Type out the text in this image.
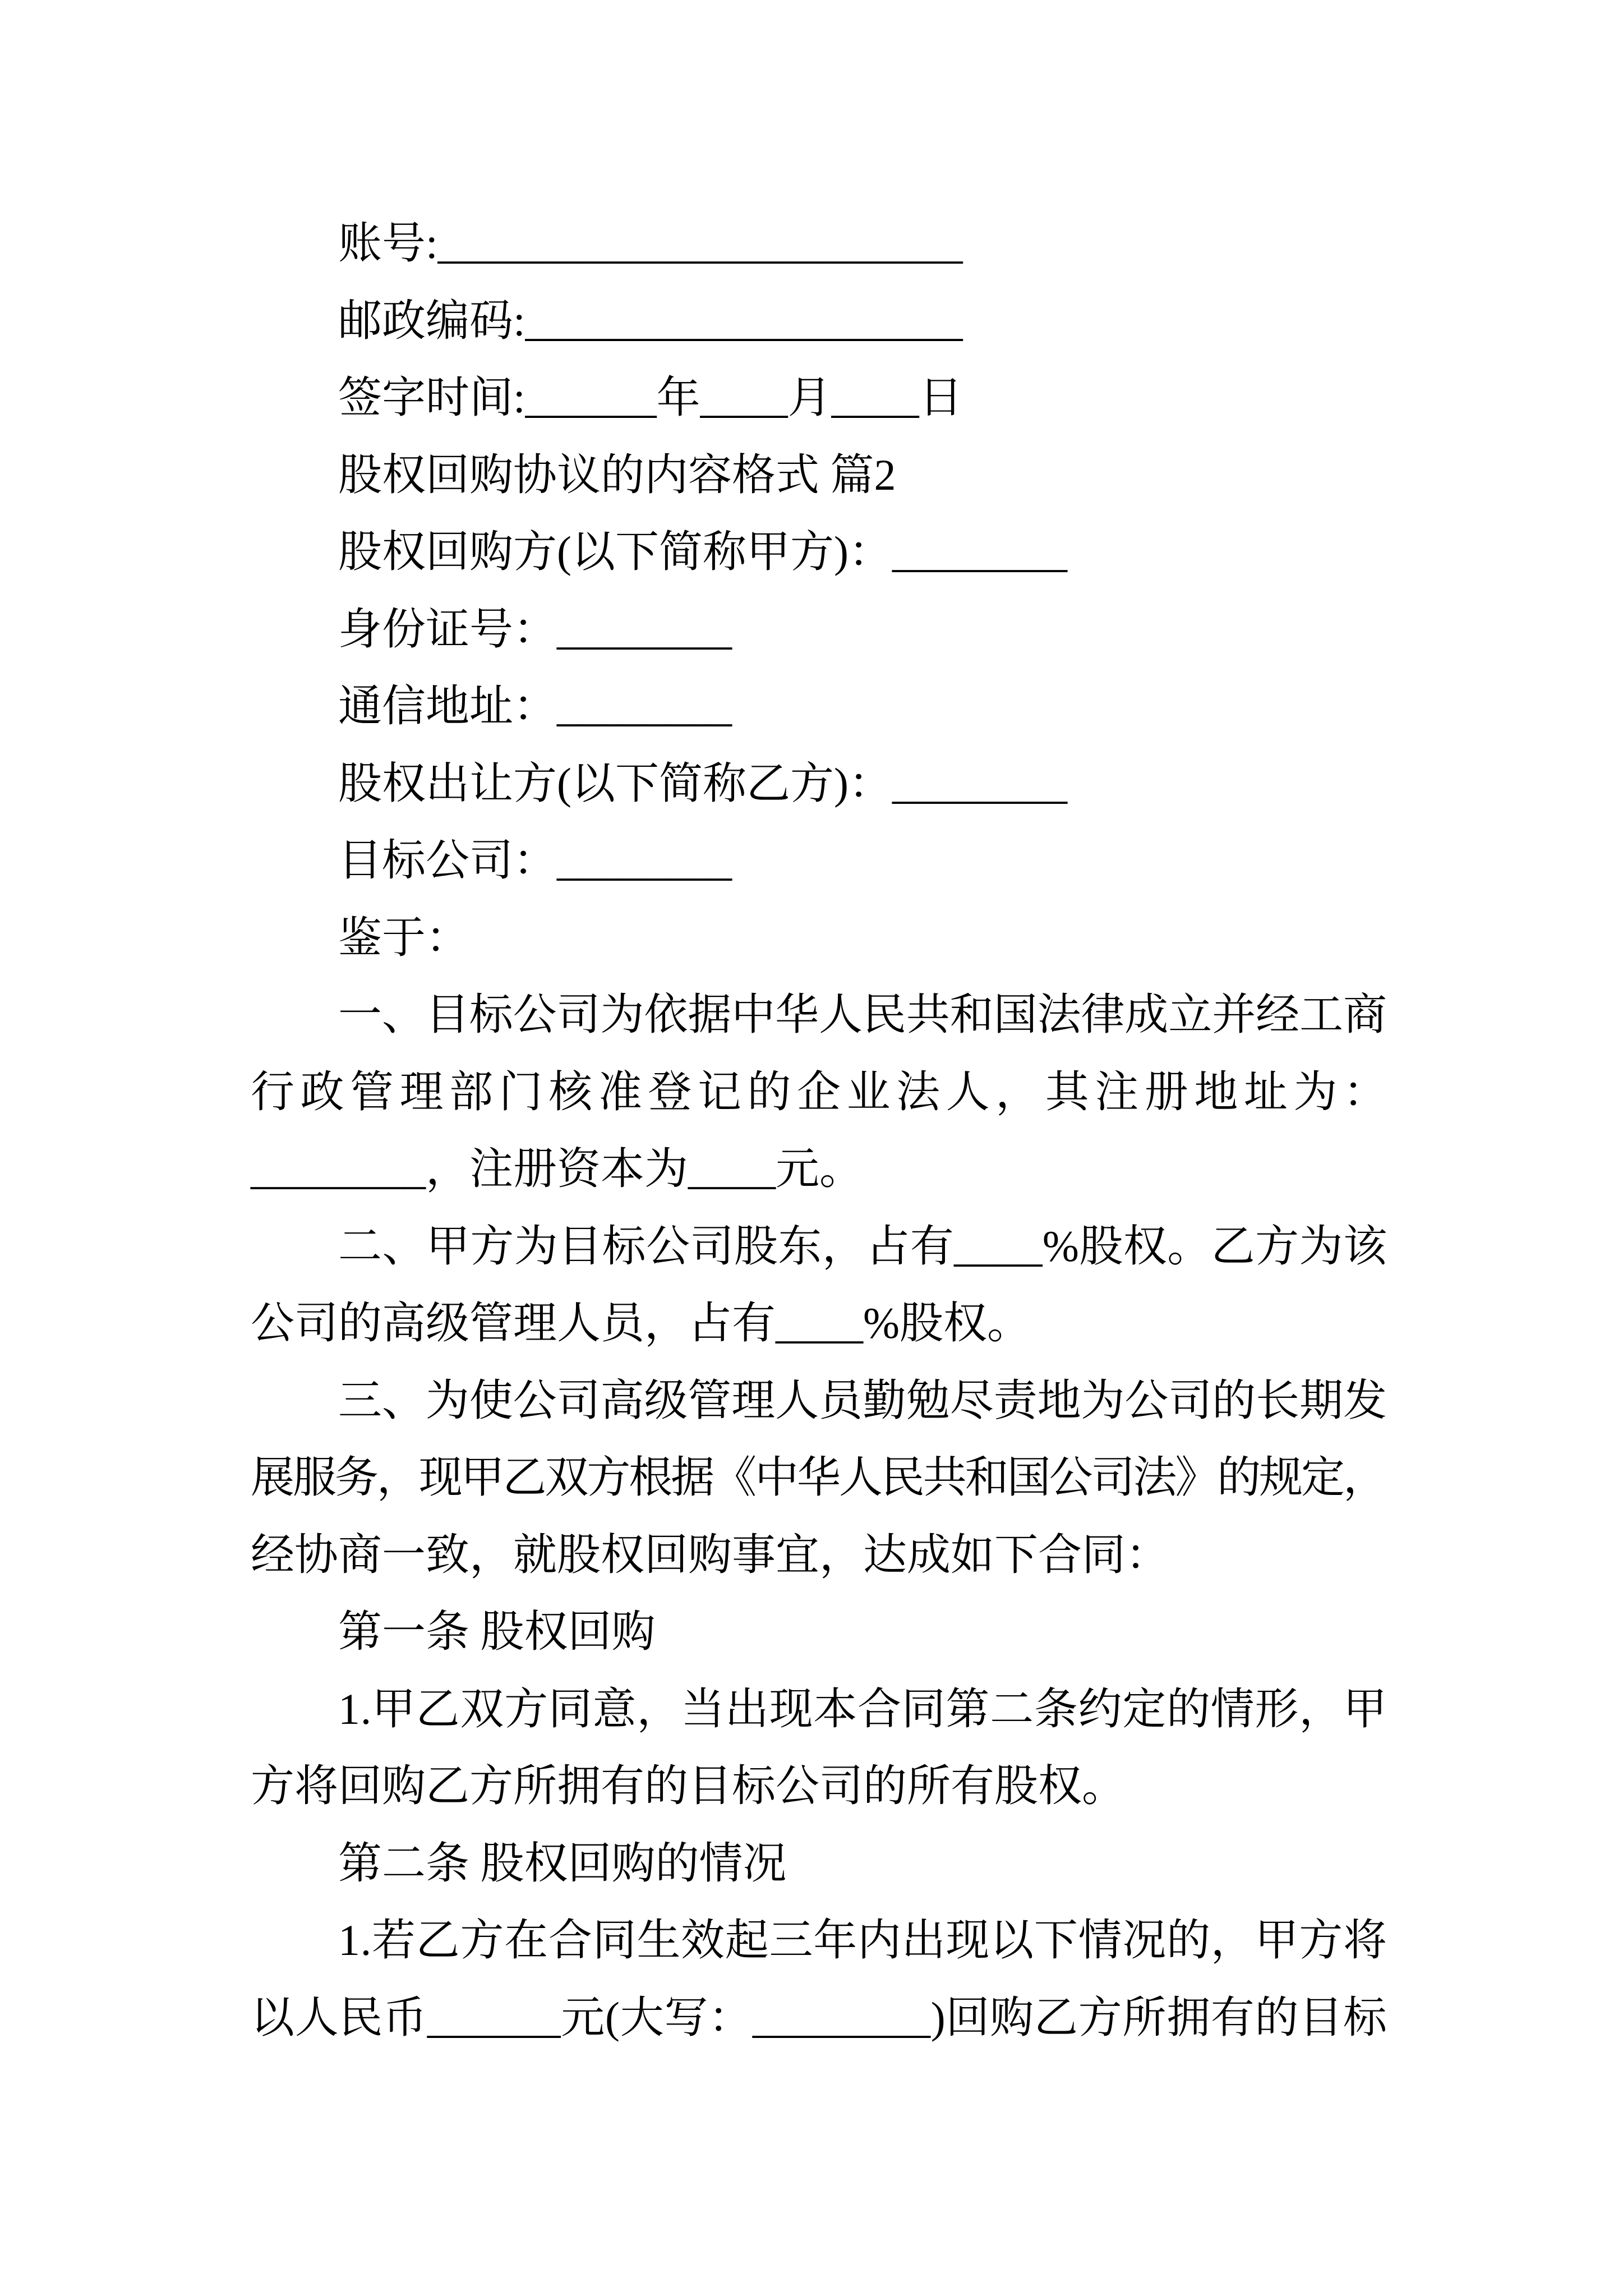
账号:________________________
邮政编码:____________________
签字时间:______年____月____日
股权回购协议的内容格式 篇2
股权回购方(以下简称甲方)：________
身份证号：________
通信地址：________
股权出让方(以下简称乙方)：________
目标公司：________
鉴于：
一、目标公司为依据中华人民共和国法律成立并经工商
行政管理部门核准登记的企业法人，其注册地址为：
________，注册资本为____元。
二、甲方为目标公司股东，占有____%股权。乙方为该
公司的高级管理人员，占有____%股权。
三、为使公司高级管理人员勤勉尽责地为公司的长期发
展服务，现甲乙双方根据《中华人民共和国公司法》的规定，
经协商一致，就股权回购事宜，达成如下合同：
第一条 股权回购
1.甲乙双方同意，当出现本合同第二条约定的情形，甲
方将回购乙方所拥有的目标公司的所有股权。
第二条 股权回购的情况
1.若乙方在合同生效起三年内出现以下情况的，甲方将
以人民币______元(大写：________)回购乙方所拥有的目标
